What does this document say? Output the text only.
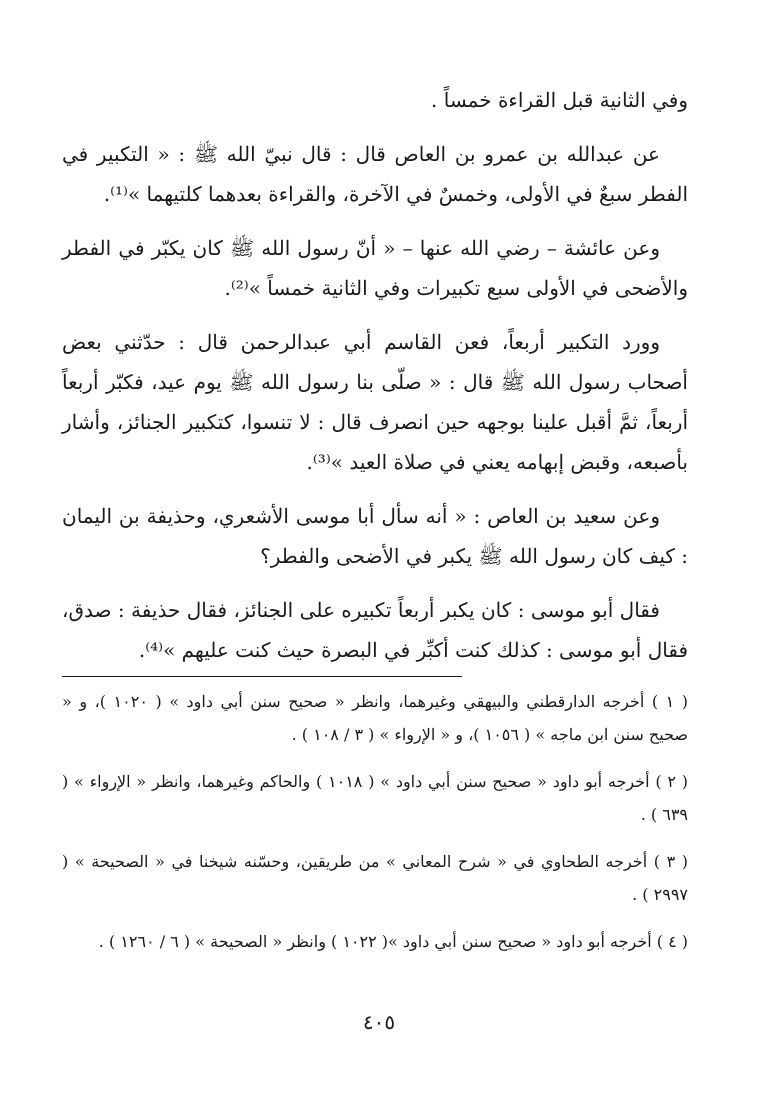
وفي الثانية قبل القراءة خمساً .

عن عبدالله بن عمرو بن العاص قال : قال نبيّ الله ﷺ : « التكبير في الفطر سبعٌ في الأولى، وخمسٌ في الآخرة، والقراءة بعدهما كلتيهما »⁽¹⁾.

وعن عائشة – رضي الله عنها – « أنّ رسول الله ﷺ كان يكبّر في الفطر والأضحى في الأولى سبع تكبيرات وفي الثانية خمساً »⁽²⁾.

وورد التكبير أربعاً، فعن القاسم أبي عبدالرحمن قال : حدّثني بعض أصحاب رسول الله ﷺ قال : « صلّى بنا رسول الله ﷺ يوم عيد، فكبّر أربعاً أربعاً، ثمَّ أقبل علينا بوجهه حين انصرف قال : لا تنسوا، كتكبير الجنائز، وأشار بأصبعه، وقبض إبهامه يعني في صلاة العيد »⁽³⁾.

وعن سعيد بن العاص : « أنه سأل أبا موسى الأشعري، وحذيفة بن اليمان : كيف كان رسول الله ﷺ يكبر في الأضحى والفطر؟

فقال أبو موسى : كان يكبر أربعاً تكبيره على الجنائز، فقال حذيفة : صدق، فقال أبو موسى : كذلك كنت أكبِّر في البصرة حيث كنت عليهم »⁽⁴⁾.

( ١ ) أخرجه الدارقطني والبيهقي وغيرهما، وانظر « صحيح سنن أبي داود » ( ١٠٢٠ )، و « صحيح سنن ابن ماجه » ( ١٠٥٦ )، و « الإرواء » ( ٣ / ١٠٨ ) .

( ٢ ) أخرجه أبو داود « صحيح سنن أبي داود » ( ١٠١٨ ) والحاكم وغيرهما، وانظر « الإرواء » ( ٦٣٩ ) .

( ٣ ) أخرجه الطحاوي في « شرح المعاني » من طريقين، وحسّنه شيخنا في « الصحيحة » ( ٢٩٩٧ ) .

( ٤ ) أخرجه أبو داود « صحيح سنن أبي داود »( ١٠٢٢ ) وانظر « الصحيحة » ( ٦ / ١٢٦٠ ) .

٤٠٥
